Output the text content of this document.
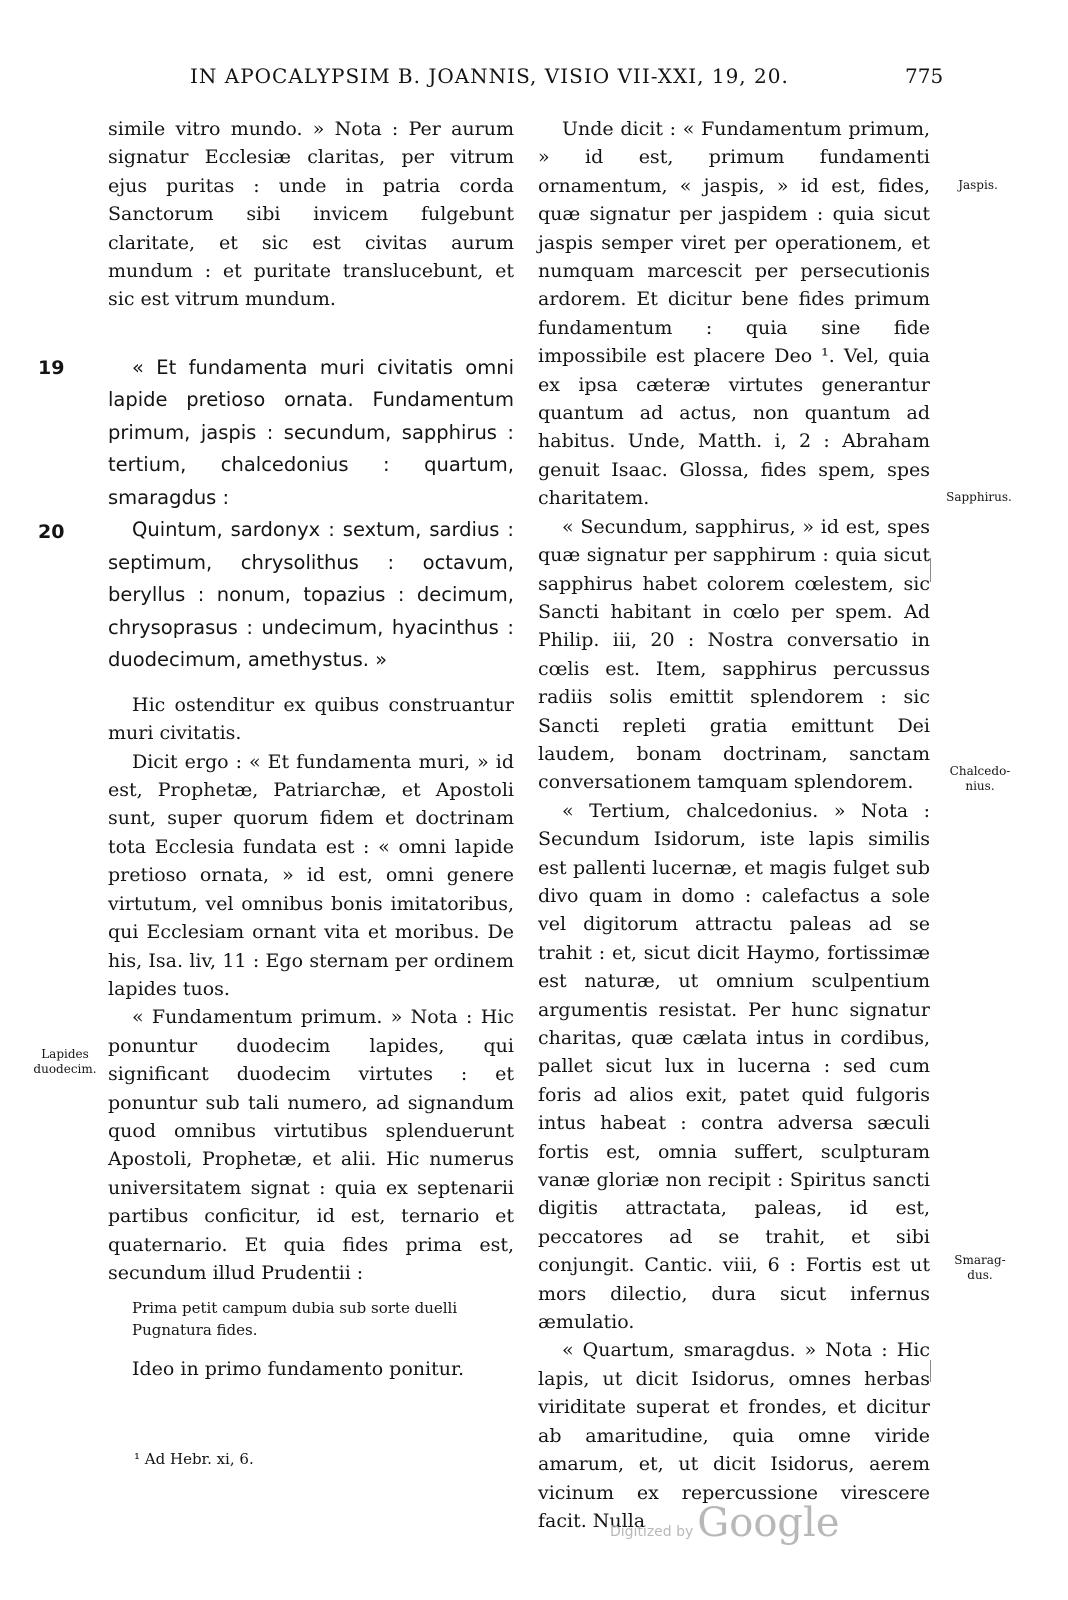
IN APOCALYPSIM B. JOANNIS, VISIO VII-XXI, 19, 20.	775
19
20

simile vitro mundo. » Nota : Per aurum signatur Ecclesiæ claritas, per vitrum ejus puritas : unde in patria corda Sanctorum sibi invicem fulgebunt claritate, et sic est civitas aurum mundum : et puritate translucebunt, et sic est vitrum mundum.

« Et fundamenta muri civitatis omni lapide pretioso ornata. Fundamentum primum, jaspis : secundum, sapphirus : tertium, chalcedonius : quartum, smaragdus :

Quintum, sardonyx : sextum, sardius : septimum, chrysolithus : octavum, beryllus : nonum, topazius : decimum, chrysoprasus : undecimum, hyacinthus : duodecimum, amethystus. »

Hic ostenditur ex quibus construantur muri civitatis.

Dicit ergo : « Et fundamenta muri, » id est, Prophetæ, Patriarchæ, et Apostoli sunt, super quorum fidem et doctrinam tota Ecclesia fundata est : « omni lapide pretioso ornata, » id est, omni genere virtutum, vel omnibus bonis imitatoribus, qui Ecclesiam ornant vita et moribus. De his, Isa. liv, 11 : Ego sternam per ordinem lapides tuos.

« Fundamentum primum. » Nota : Hic ponuntur duodecim lapides, qui significant duodecim virtutes : et ponuntur sub tali numero, ad signandum quod omnibus virtutibus splenduerunt Apostoli, Prophetæ, et alii. Hic numerus universitatem signat : quia ex septenarii partibus conficitur, id est, ternario et quaternario. Et quia fides prima est, secundum illud Prudentii :

Prima petit campum dubia sub sorte duelli
Pugnatura fides.

Ideo in primo fundamento ponitur.

Unde dicit : « Fundamentum primum, » id est, primum fundamenti ornamentum, « jaspis, » id est, fides, quæ signatur per jaspidem : quia sicut jaspis semper viret per operationem, et numquam marcescit per persecutionis ardorem. Et dicitur bene fides primum fundamentum : quia sine fide impossibile est placere Deo ¹. Vel, quia ex ipsa cæteræ virtutes generantur quantum ad actus, non quantum ad habitus. Unde, Matth. i, 2 : Abraham genuit Isaac. Glossa, fides spem, spes charitatem.

« Secundum, sapphirus, » id est, spes quæ signatur per sapphirum : quia sicut sapphirus habet colorem cœlestem, sic Sancti habitant in cœlo per spem. Ad Philip. iii, 20 : Nostra conversatio in cœlis est. Item, sapphirus percussus radiis solis emittit splendorem : sic Sancti repleti gratia emittunt Dei laudem, bonam doctrinam, sanctam conversationem tamquam splendorem.

« Tertium, chalcedonius. » Nota : Secundum Isidorum, iste lapis similis est pallenti lucernæ, et magis fulget sub divo quam in domo : calefactus a sole vel digitorum attractu paleas ad se trahit : et, sicut dicit Haymo, fortissimæ est naturæ, ut omnium sculpentium argumentis resistat. Per hunc signatur charitas, quæ cælata intus in cordibus, pallet sicut lux in lucerna : sed cum foris ad alios exit, patet quid fulgoris intus habeat : contra adversa sæculi fortis est, omnia suffert, sculpturam vanæ gloriæ non recipit : Spiritus sancti digitis attractata, paleas, id est, peccatores ad se trahit, et sibi conjungit. Cantic. viii, 6 : Fortis est ut mors dilectio, dura sicut infernus æmulatio.

« Quartum, smaragdus. » Nota : Hic lapis, ut dicit Isidorus, omnes herbas viriditate superat et frondes, et dicitur ab amaritudine, quia omne viride amarum, et, ut dicit Isidorus, aerem vicinum ex repercussione virescere facit. Nulla

Lapides
duodecim.
Jaspis.
Sapphirus.
Chalcedo-
nius.
Smarag-
dus.
¹ Ad Hebr. xi, 6.
Digitized by Google
